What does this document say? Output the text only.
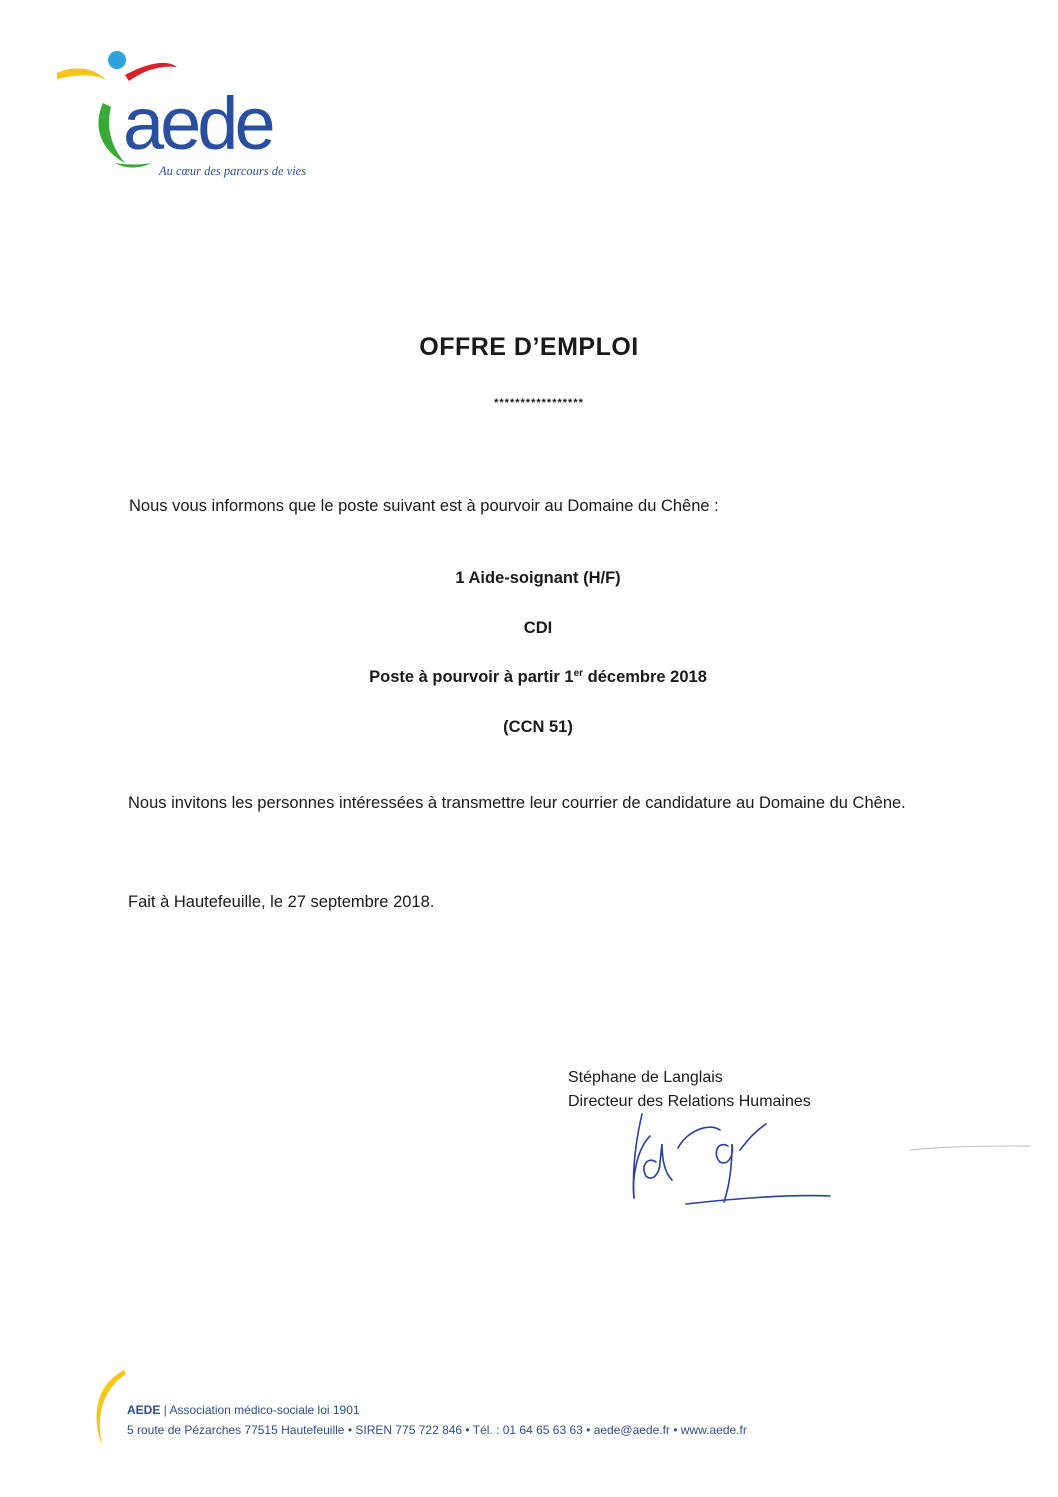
aede
Au cœur des parcours de vies
OFFRE D’EMPLOI
*****************
Nous vous informons que le poste suivant est à pourvoir au Domaine du Chêne :
1 Aide-soignant (H/F)
CDI
Poste à pourvoir à partir 1er décembre 2018
(CCN 51)
Nous invitons les personnes intéressées à transmettre leur courrier de candidature au Domaine du Chêne.
Fait à Hautefeuille, le 27 septembre 2018.
Stéphane de Langlais
Directeur des Relations Humaines
AEDE | Association médico-sociale loi 1901
5 route de Pézarches 77515 Hautefeuille • SIREN 775 722 846 • Tél. : 01 64 65 63 63 • aede@aede.fr • www.aede.fr
